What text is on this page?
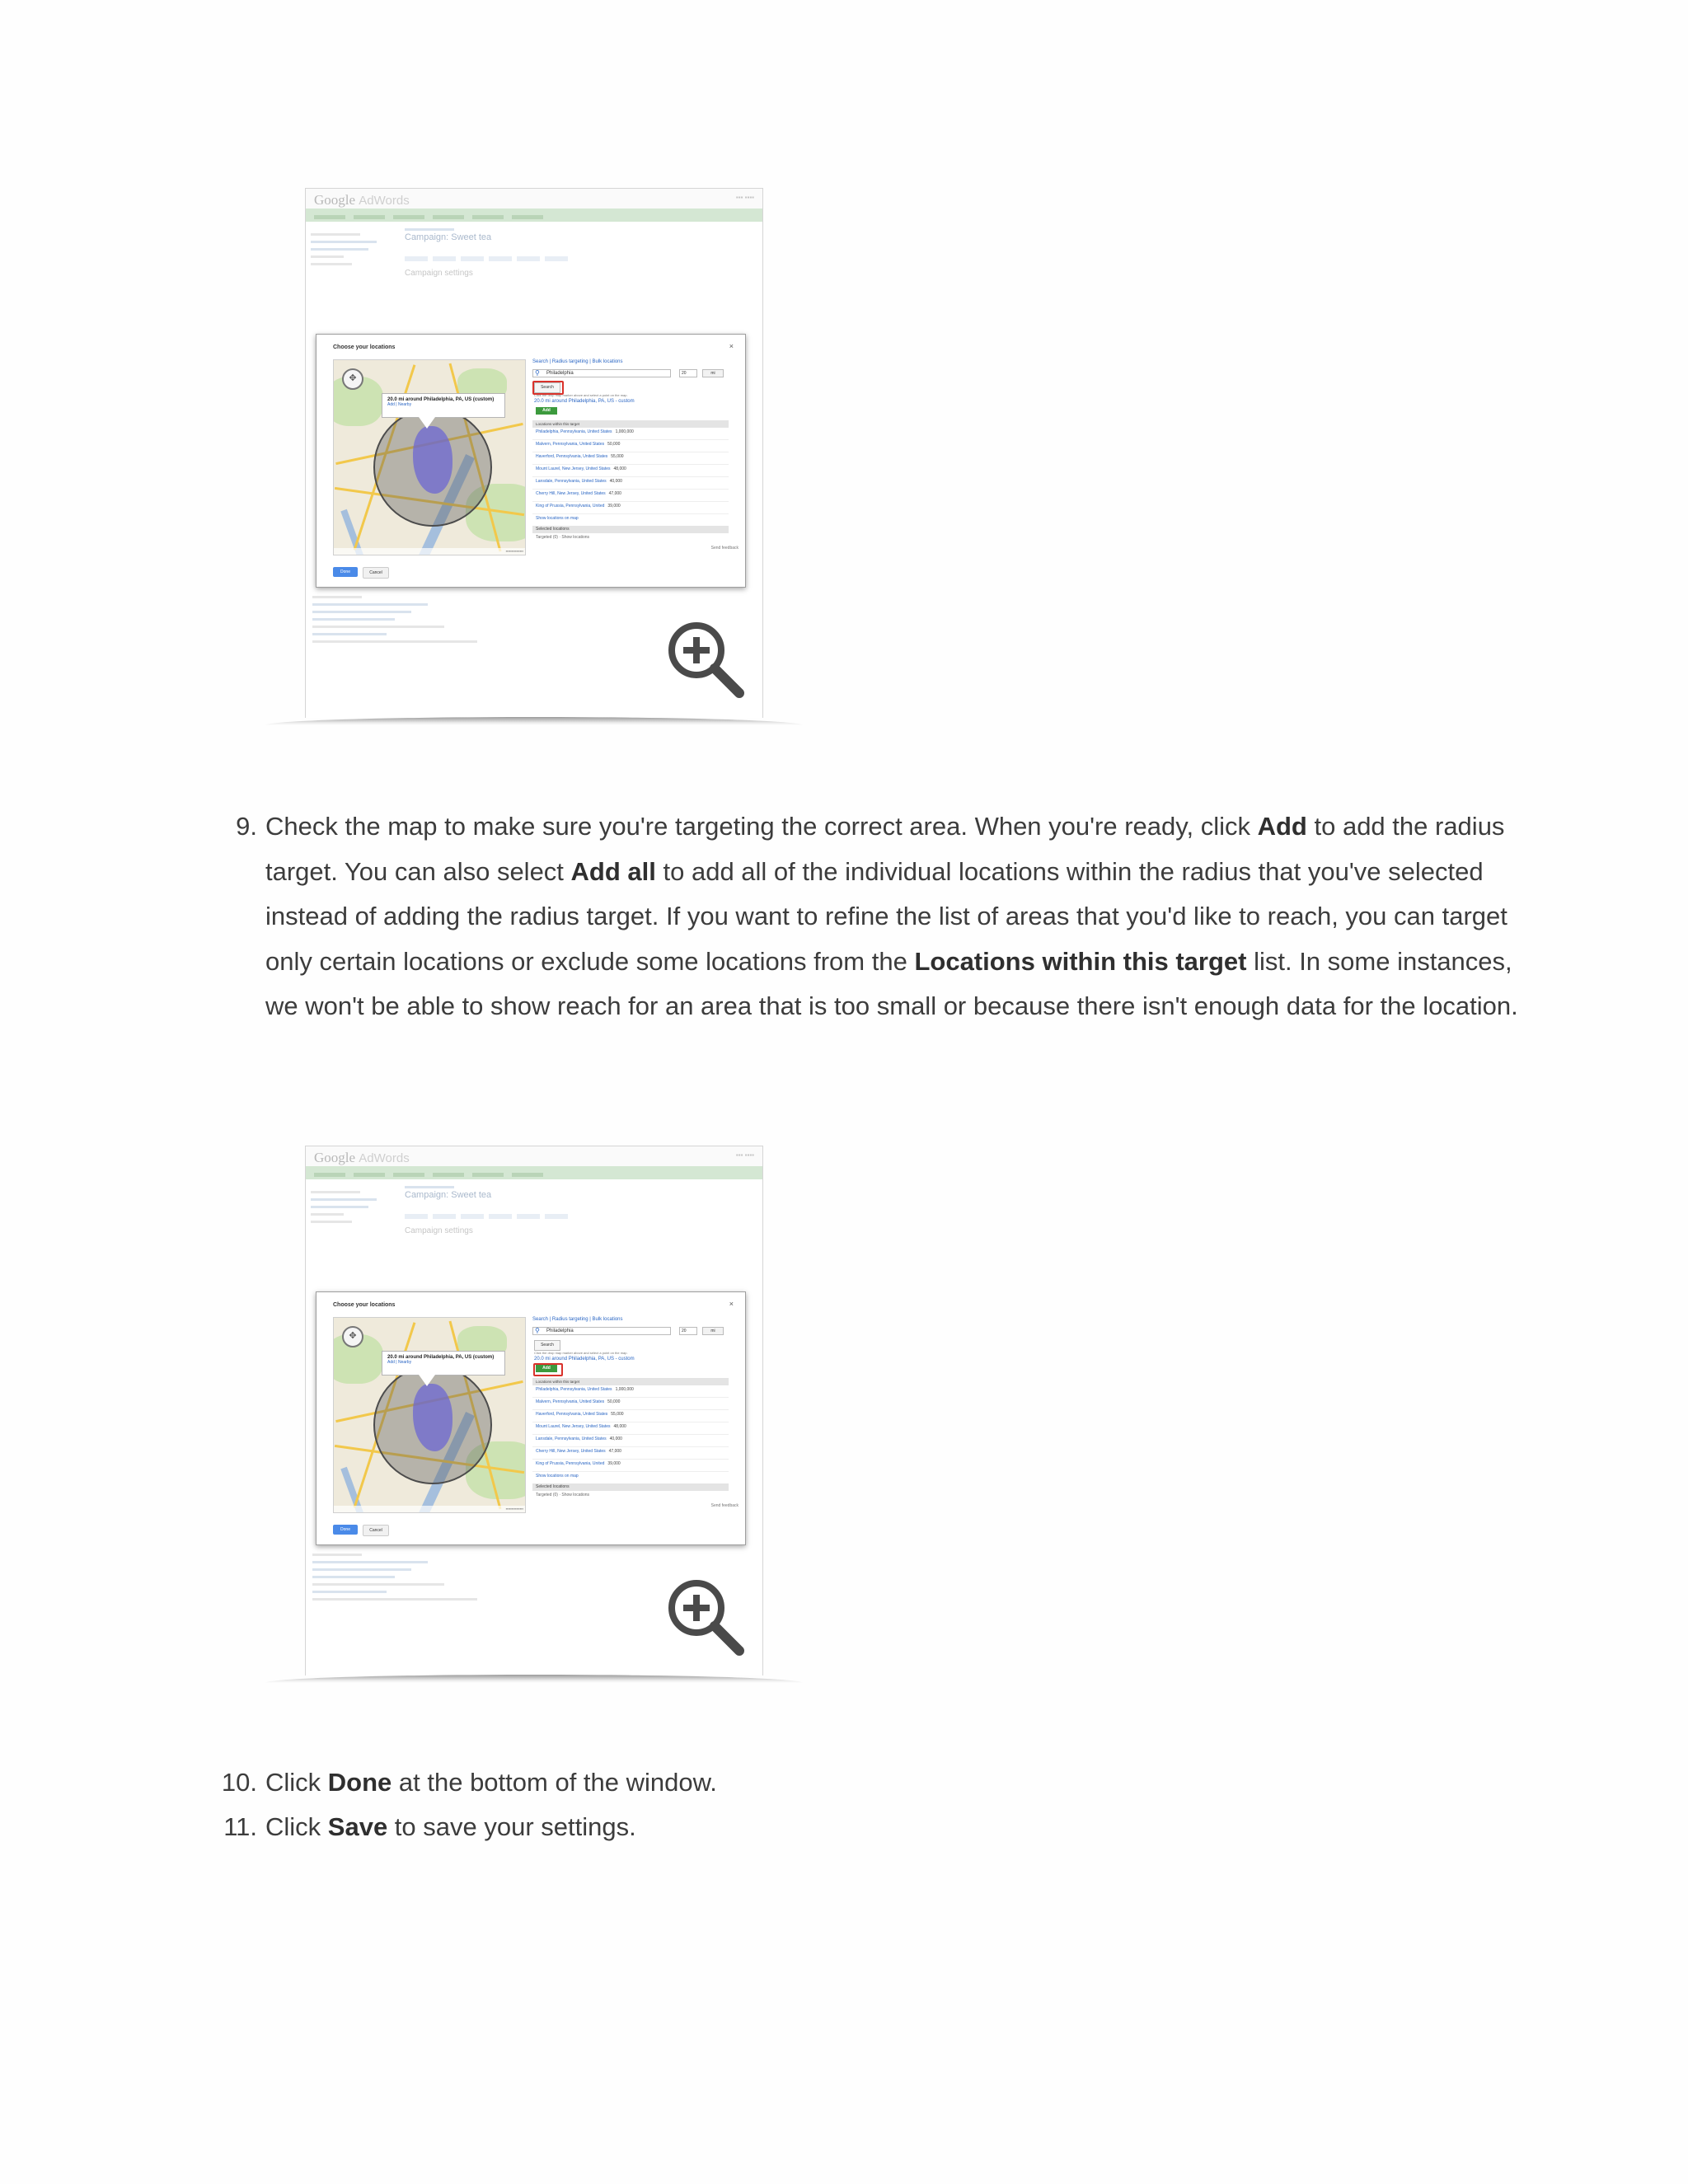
Google AdWords	▪▪▪ ▪▪▪▪
Campaign: Sweet tea
Campaign settings
Choose your locations	×
✥
20.0 mi around Philadelphia, PA, US (custom)
Add | Nearby
▪▪▪▪▪▪▪▪▪▪▪▪▪▪▪
Search | Radius targeting | Bulk locations
⚲	Philadelphia	20	mi
Search
Click the drop map marker above and select a point on the map.
20.0 mi around Philadelphia, PA, US - custom
Add
Locations within this target
Philadelphia, Pennsylvania, United States 1,000,000
Malvern, Pennsylvania, United States 50,000
Haverford, Pennsylvania, United States 55,000
Mount Laurel, New Jersey, United States 48,000
Lansdale, Pennsylvania, United States 40,000
Cherry Hill, New Jersey, United States 47,000
King of Prussia, Pennsylvania, United 39,000
Show locations on map
Selected locations
Targeted (0) · Show locations
Send feedback
Done	Cancel
9. Check the map to make sure you're targeting the correct area. When you're ready, click Add to add the radius target. You can also select Add all to add all of the individual locations within the radius that you've selected instead of adding the radius target. If you want to refine the list of areas that you'd like to reach, you can target only certain locations or exclude some locations from the Locations within this target list. In some instances, we won't be able to show reach for an area that is too small or because there isn't enough data for the location.
Google AdWords	▪▪▪ ▪▪▪▪
Campaign: Sweet tea
Campaign settings
Choose your locations	×
✥
20.0 mi around Philadelphia, PA, US (custom)
Add | Nearby
▪▪▪▪▪▪▪▪▪▪▪▪▪▪▪
Search | Radius targeting | Bulk locations
⚲	Philadelphia	20	mi
Search
Click the drop map marker above and select a point on the map.
20.0 mi around Philadelphia, PA, US - custom
Add
Locations within this target
Philadelphia, Pennsylvania, United States 1,000,000
Malvern, Pennsylvania, United States 50,000
Haverford, Pennsylvania, United States 55,000
Mount Laurel, New Jersey, United States 48,000
Lansdale, Pennsylvania, United States 40,000
Cherry Hill, New Jersey, United States 47,000
King of Prussia, Pennsylvania, United 39,000
Show locations on map
Selected locations
Targeted (0) · Show locations
Send feedback
Done	Cancel
10. Click Done at the bottom of the window.
11. Click Save to save your settings.
